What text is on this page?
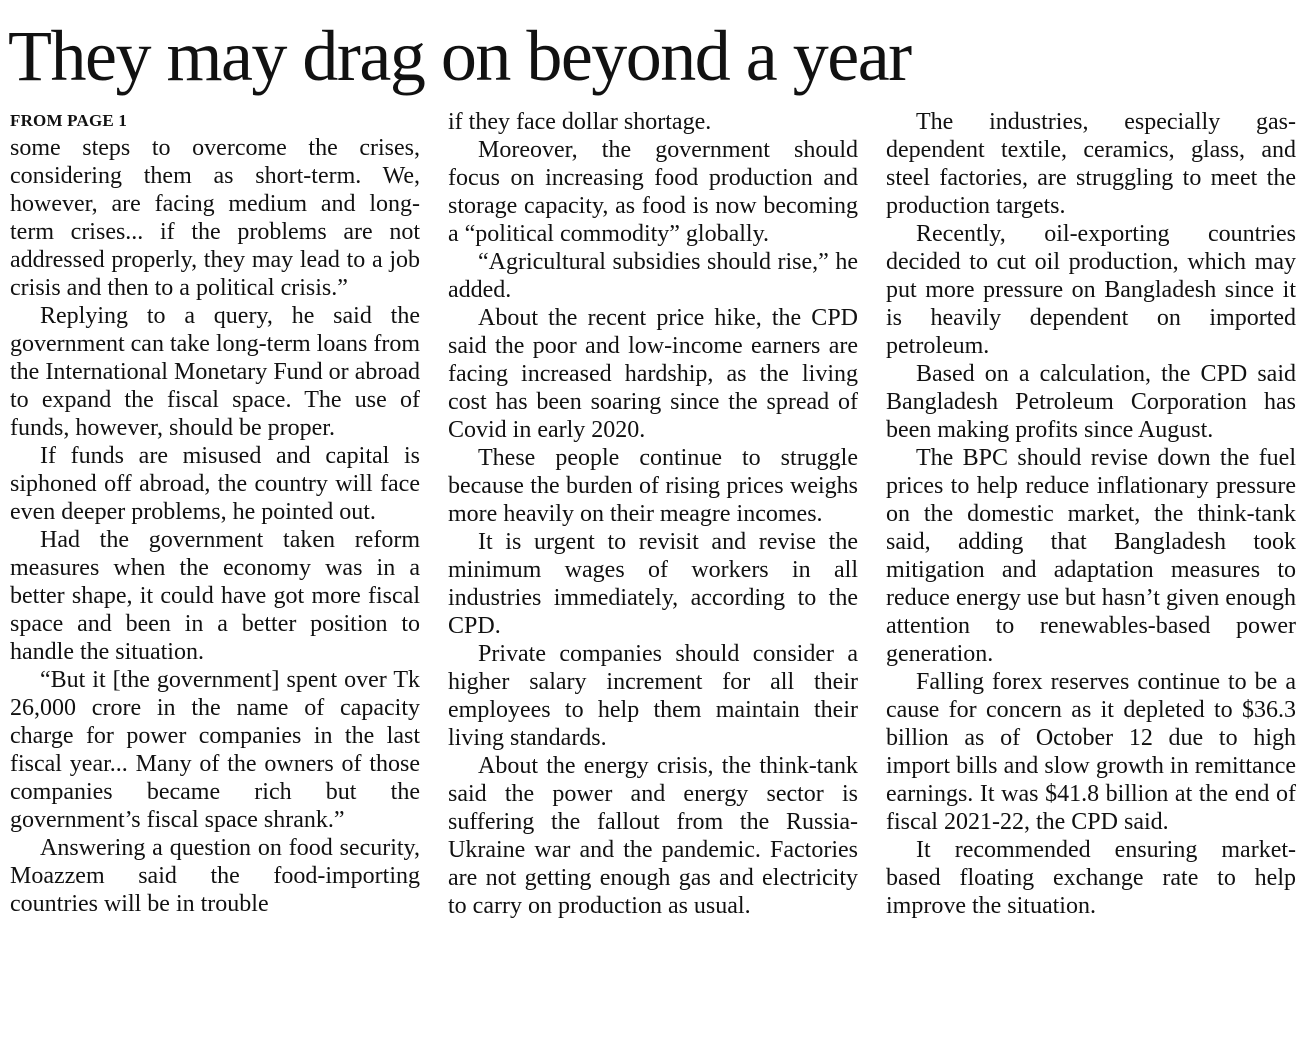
They may drag on beyond a year
FROM PAGE 1

some steps to overcome the crises, considering them as short-term. We, however, are facing medium and long-term crises... if the problems are not addressed properly, they may lead to a job crisis and then to a political crisis.”

Replying to a query, he said the government can take long-term loans from the International Monetary Fund or abroad to expand the fiscal space. The use of funds, however, should be proper.

If funds are misused and capital is siphoned off abroad, the country will face even deeper problems, he pointed out.

Had the government taken reform measures when the economy was in a better shape, it could have got more fiscal space and been in a better position to handle the situation.

“But it [the government] spent over Tk 26,000 crore in the name of capacity charge for power companies in the last fiscal year... Many of the owners of those companies became rich but the government’s fiscal space shrank.”

Answering a question on food security, Moazzem said the food-importing countries will be in trouble

if they face dollar shortage.

Moreover, the government should focus on increasing food production and storage capacity, as food is now becoming a “political commodity” globally.

“Agricultural subsidies should rise,” he added.

About the recent price hike, the CPD said the poor and low-income earners are facing increased hardship, as the living cost has been soaring since the spread of Covid in early 2020.

These people continue to struggle because the burden of rising prices weighs more heavily on their meagre incomes.

It is urgent to revisit and revise the minimum wages of workers in all industries immediately, according to the CPD.

Private companies should consider a higher salary increment for all their employees to help them maintain their living standards.

About the energy crisis, the think-tank said the power and energy sector is suffering the fallout from the Russia-Ukraine war and the pandemic. Factories are not getting enough gas and electricity to carry on production as usual.

The industries, especially gas-dependent textile, ceramics, glass, and steel factories, are struggling to meet the production targets.

Recently, oil-exporting countries decided to cut oil production, which may put more pressure on Bangladesh since it is heavily dependent on imported petroleum.

Based on a calculation, the CPD said Bangladesh Petroleum Corporation has been making profits since August.

The BPC should revise down the fuel prices to help reduce inflationary pressure on the domestic market, the think-tank said, adding that Bangladesh took mitigation and adaptation measures to reduce energy use but hasn’t given enough attention to renewables-based power generation.

Falling forex reserves continue to be a cause for concern as it depleted to $36.3 billion as of October 12 due to high import bills and slow growth in remittance earnings. It was $41.8 billion at the end of fiscal 2021-22, the CPD said.

It recommended ensuring market-based floating exchange rate to help improve the situation.
